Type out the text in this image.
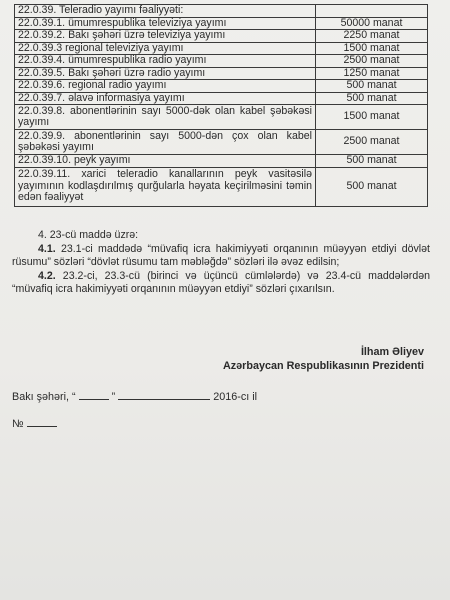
22.0.39. Teleradio yayımı fəaliyyəti:	
22.0.39.1. ümumrespublika televiziya yayımı	50000 manat
22.0.39.2. Bakı şəhəri üzrə televiziya yayımı	2250 manat
22.0.39.3 regional televiziya yayımı	1500 manat
22.0.39.4. ümumrespublika radio yayımı	2500 manat
22.0.39.5. Bakı şəhəri üzrə radio yayımı	1250 manat
22.0.39.6. regional radio yayımı	500 manat
22.0.39.7. əlavə informasiya yayımı	500 manat
22.0.39.8. abonentlərinin sayı 5000-dək olan kabel şəbəkəsi yayımı	1500 manat
22.0.39.9. abonentlərinin sayı 5000-dən çox olan kabel şəbəkəsi yayımı	2500 manat
22.0.39.10. peyk yayımı	500 manat
22.0.39.11. xarici teleradio kanallarının peyk vasitəsilə yayımının kodlaşdırılmış qurğularla həyata keçirilməsini təmin edən fəaliyyət	500 manat

4. 23-cü maddə üzrə:

4.1. 23.1-ci maddədə “müvafiq icra hakimiyyəti orqanının müəyyən etdiyi dövlət rüsumu” sözləri “dövlət rüsumu tam məbləğdə” sözləri ilə əvəz edilsin;

4.2. 23.2-ci, 23.3-cü (birinci və üçüncü cümlələrdə) və 23.4-cü maddələrdən “müvafiq icra hakimiyyəti orqanının müəyyən etdiyi” sözləri çıxarılsın.

İlham Əliyev
Azərbaycan Respublikasının Prezidenti
Bakı şəhəri, “	”	2016-cı il
№
